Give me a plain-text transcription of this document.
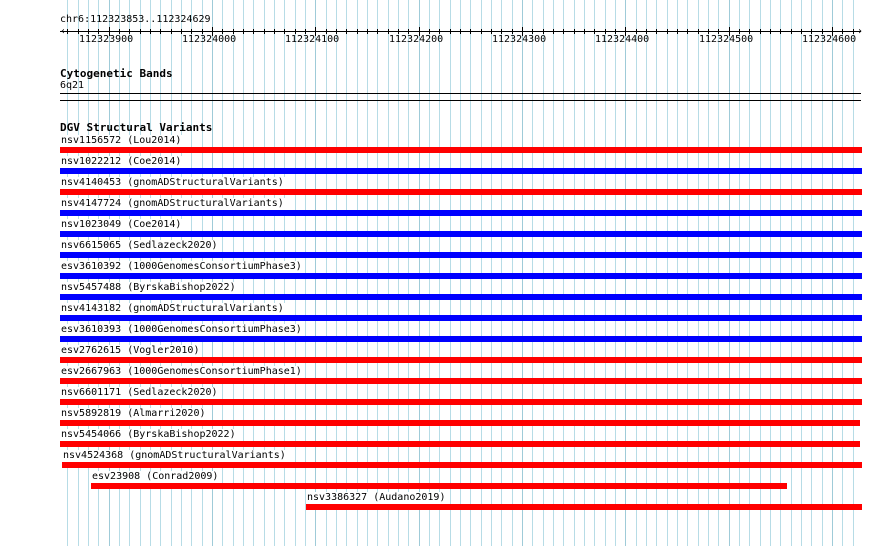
chr6:112323853..112324629
‹	›
112323900	112324000	112324100	112324200	112324300	112324400	112324500	112324600
Cytogenetic Bands
6q21
DGV Structural Variants
nsv1156572 (Lou2014)
nsv1022212 (Coe2014)
nsv4140453 (gnomADStructuralVariants)
nsv4147724 (gnomADStructuralVariants)
nsv1023049 (Coe2014)
nsv6615065 (Sedlazeck2020)
esv3610392 (1000GenomesConsortiumPhase3)
nsv5457488 (ByrskaBishop2022)
nsv4143182 (gnomADStructuralVariants)
esv3610393 (1000GenomesConsortiumPhase3)
esv2762615 (Vogler2010)
esv2667963 (1000GenomesConsortiumPhase1)
nsv6601171 (Sedlazeck2020)
nsv5892819 (Almarri2020)
nsv5454066 (ByrskaBishop2022)
nsv4524368 (gnomADStructuralVariants)
esv23908 (Conrad2009)
nsv3386327 (Audano2019)
